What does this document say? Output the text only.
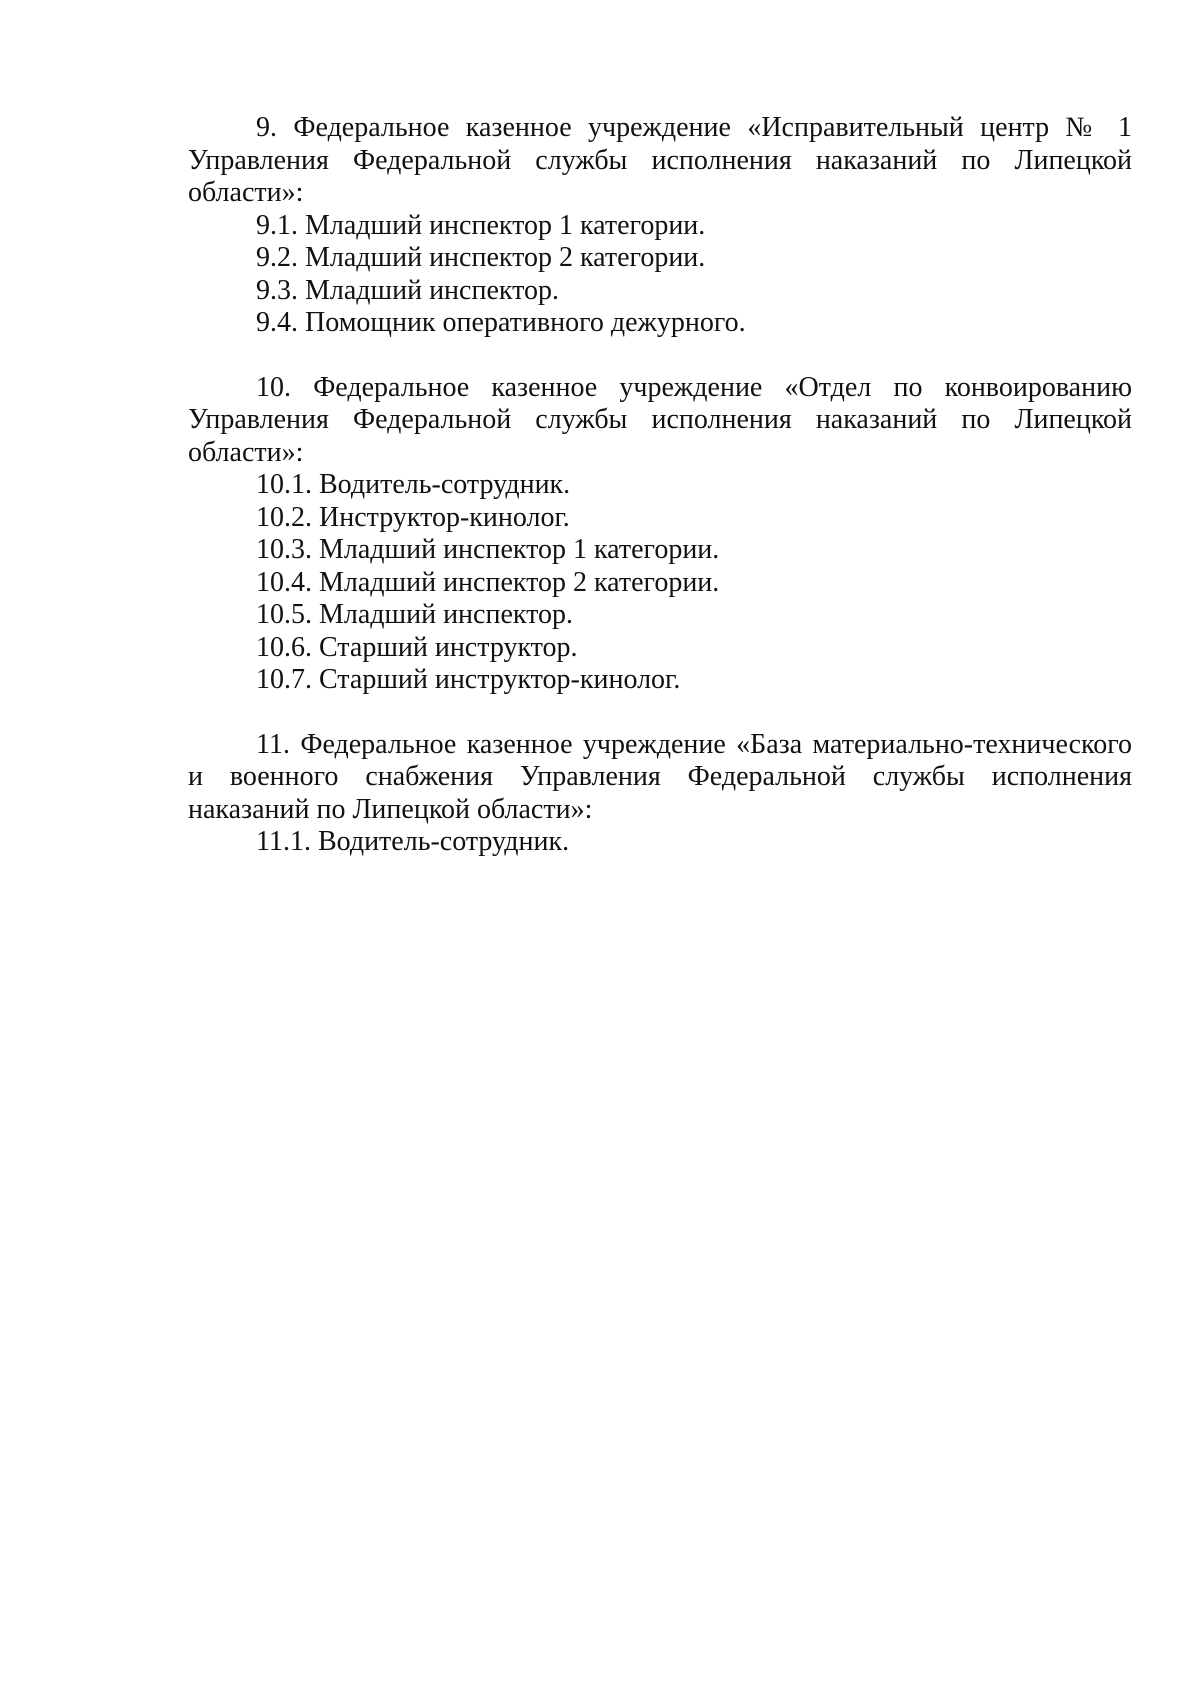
9. Федеральное казенное учреждение «Исправительный центр № 1 Управления Федеральной службы исполнения наказаний по Липецкой области»:

9.1. Младший инспектор 1 категории.
9.2. Младший инспектор 2 категории.
9.3. Младший инспектор.
9.4. Помощник оперативного дежурного.

10. Федеральное казенное учреждение «Отдел по конвоированию Управления Федеральной службы исполнения наказаний по Липецкой области»:

10.1. Водитель-сотрудник.
10.2. Инструктор-кинолог.
10.3. Младший инспектор 1 категории.
10.4. Младший инспектор 2 категории.
10.5. Младший инспектор.
10.6. Старший инструктор.
10.7. Старший инструктор-кинолог.

11. Федеральное казенное учреждение «База материально-технического и военного снабжения Управления Федеральной службы исполнения наказаний по Липецкой области»:

11.1. Водитель-сотрудник.
